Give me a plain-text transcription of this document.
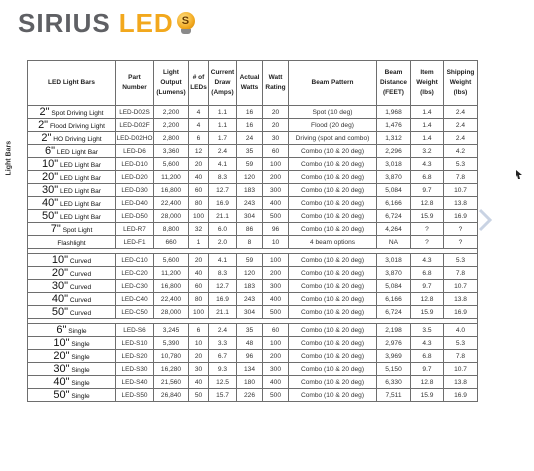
SIRIUS LED S
Light Bars
LED Light Bars	Part Number	Light Output (Lumens)	# of LEDs	Current Draw (Amps)	Actual Watts	Watt Rating	Beam Pattern	Beam Distance (FEET)	Item Weight (lbs)	Shipping Weight (lbs)
2" Spot Driving Light	LED-D02S	2,200	4	1.1	16	20	Spot (10 deg)	1,968	1.4	2.4
2" Flood Driving Light	LED-D02F	2,200	4	1.1	16	20	Flood (20 deg)	1,476	1.4	2.4
2" HO Driving Light	LED-D02HO	2,800	6	1.7	24	30	Driving (spot and combo)	1,312	1.4	2.4
6" LED Light Bar	LED-D6	3,360	12	2.4	35	60	Combo (10 & 20 deg)	2,296	3.2	4.2
10" LED Light Bar	LED-D10	5,600	20	4.1	59	100	Combo (10 & 20 deg)	3,018	4.3	5.3
20" LED Light Bar	LED-D20	11,200	40	8.3	120	200	Combo (10 & 20 deg)	3,870	6.8	7.8
30" LED Light Bar	LED-D30	16,800	60	12.7	183	300	Combo (10 & 20 deg)	5,084	9.7	10.7
40" LED Light Bar	LED-D40	22,400	80	16.9	243	400	Combo (10 & 20 deg)	6,166	12.8	13.8
50" LED Light Bar	LED-D50	28,000	100	21.1	304	500	Combo (10 & 20 deg)	6,724	15.9	16.9
7" Spot Light	LED-R7	8,800	32	6.0	86	96	Combo (10 & 20 deg)	4,264	?	?
Flashlight	LED-F1	660	1	2.0	8	10	4 beam options	NA	?	?

10" Curved	LED-C10	5,600	20	4.1	59	100	Combo (10 & 20 deg)	3,018	4.3	5.3
20" Curved	LED-C20	11,200	40	8.3	120	200	Combo (10 & 20 deg)	3,870	6.8	7.8
30" Curved	LED-C30	16,800	60	12.7	183	300	Combo (10 & 20 deg)	5,084	9.7	10.7
40" Curved	LED-C40	22,400	80	16.9	243	400	Combo (10 & 20 deg)	6,166	12.8	13.8
50" Curved	LED-C50	28,000	100	21.1	304	500	Combo (10 & 20 deg)	6,724	15.9	16.9

6" Single	LED-S6	3,245	6	2.4	35	60	Combo (10 & 20 deg)	2,198	3.5	4.0
10" Single	LED-S10	5,390	10	3.3	48	100	Combo (10 & 20 deg)	2,976	4.3	5.3
20" Single	LED-S20	10,780	20	6.7	96	200	Combo (10 & 20 deg)	3,969	6.8	7.8
30" Single	LED-S30	16,280	30	9.3	134	300	Combo (10 & 20 deg)	5,150	9.7	10.7
40" Single	LED-S40	21,560	40	12.5	180	400	Combo (10 & 20 deg)	6,330	12.8	13.8
50" Single	LED-S50	26,840	50	15.7	226	500	Combo (10 & 20 deg)	7,511	15.9	16.9
